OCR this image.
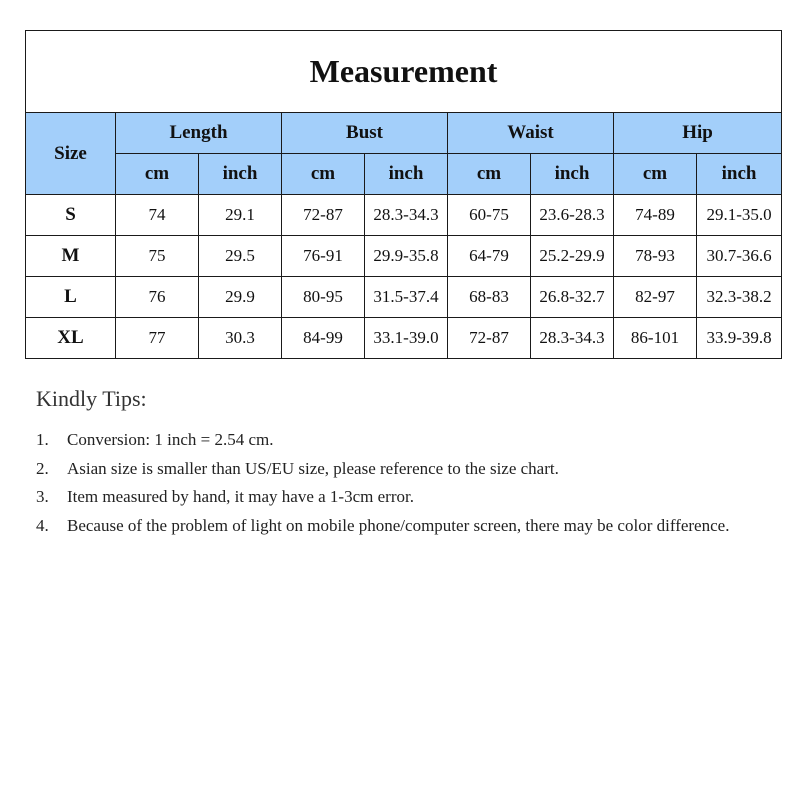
Measurement								
Size	Length		Bust		Waist		Hip	
	cm	inch	cm	inch	cm	inch	cm	inch
S	74	29.1	72-87	28.3-34.3	60-75	23.6-28.3	74-89	29.1-35.0
M	75	29.5	76-91	29.9-35.8	64-79	25.2-29.9	78-93	30.7-36.6
L	76	29.9	80-95	31.5-37.4	68-83	26.8-32.7	82-97	32.3-38.2
XL	77	30.3	84-99	33.1-39.0	72-87	28.3-34.3	86-101	33.9-39.8
Kindly Tips:
1. Conversion: 1 inch = 2.54 cm.
2. Asian size is smaller than US/EU size, please reference to the size chart.
3. Item measured by hand, it may have a 1-3cm error.
4. Because of the problem of light on mobile phone/computer screen, there may be color difference.
